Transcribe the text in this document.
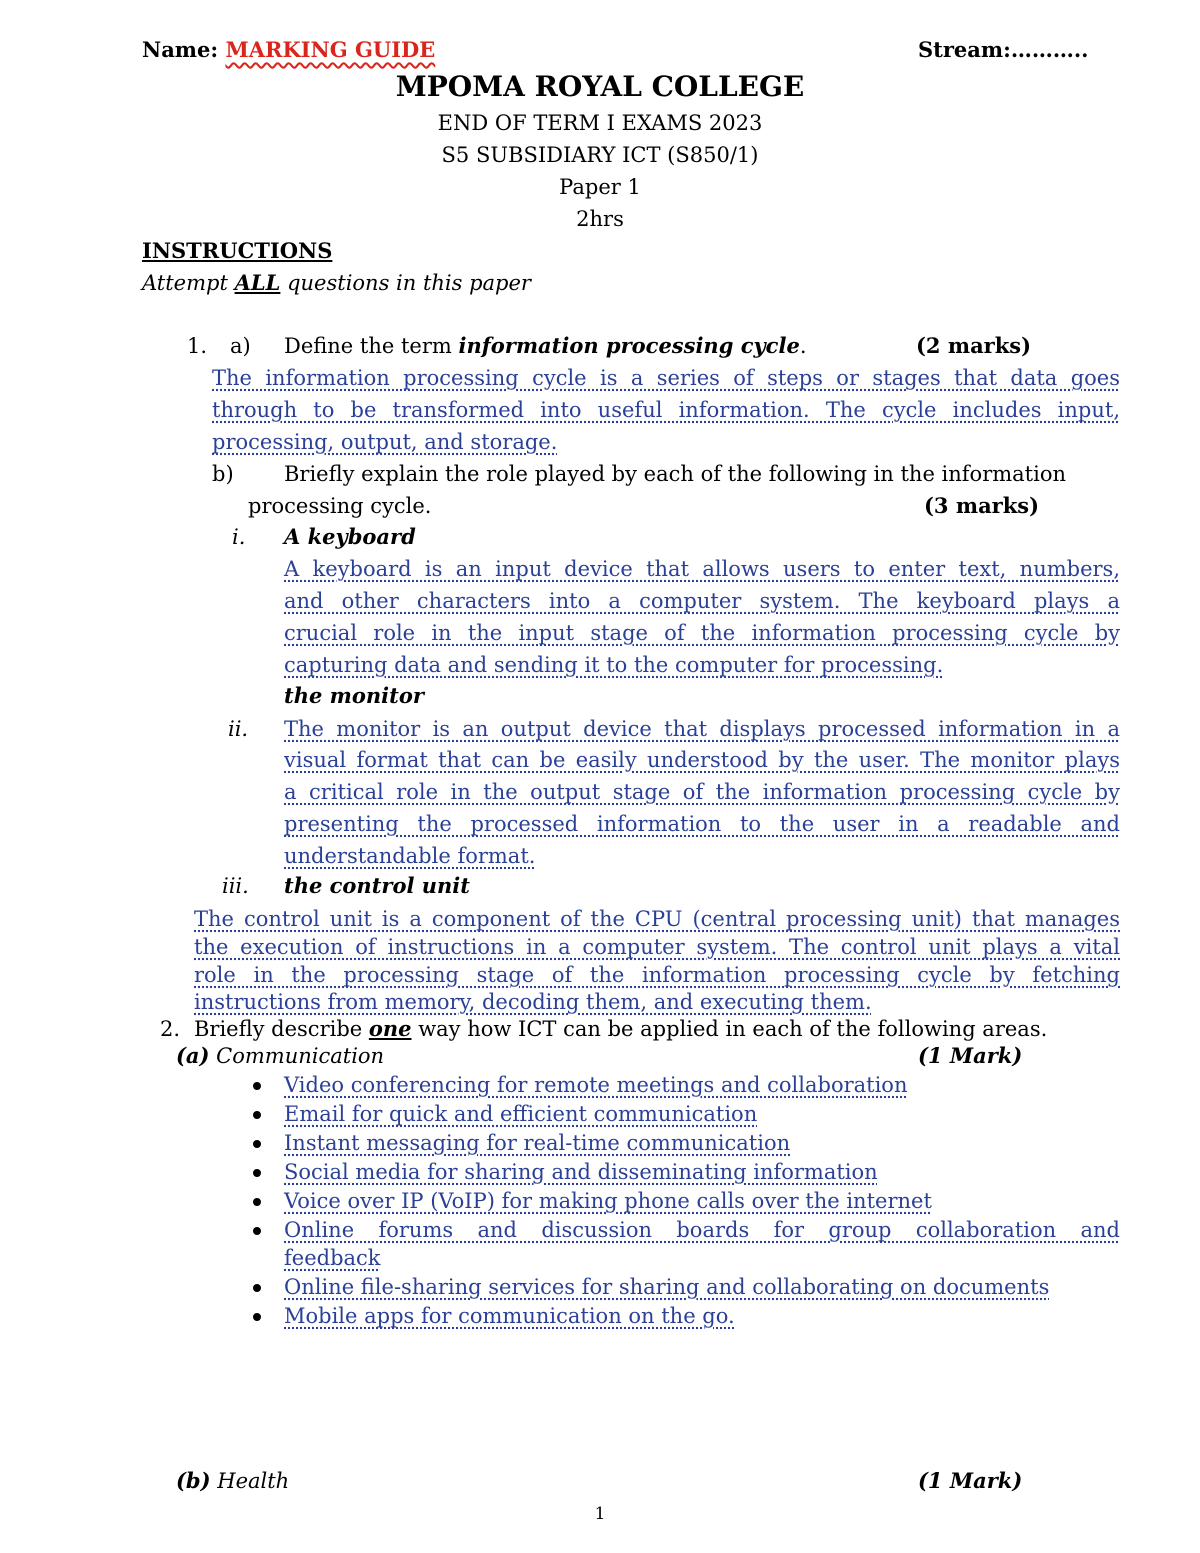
Name: MARKING GUIDE	Stream:………..
MPOMA ROYAL COLLEGE
END OF TERM I EXAMS 2023
S5 SUBSIDIARY ICT (S850/1)
Paper 1
2hrs
INSTRUCTIONS
Attempt ALL questions in this paper
1. a) Define the term information processing cycle.	(2 marks)
The information processing cycle is a series of steps or stages that data goes
through to be transformed into useful information. The cycle includes input,
processing, output, and storage.
b) Briefly explain the role played by each of the following in the information
processing cycle.	(3 marks)
i. A keyboard
A keyboard is an input device that allows users to enter text, numbers,
and other characters into a computer system. The keyboard plays a
crucial role in the input stage of the information processing cycle by
capturing data and sending it to the computer for processing.
the monitor
ii. The monitor is an output device that displays processed information in a
visual format that can be easily understood by the user. The monitor plays
a critical role in the output stage of the information processing cycle by
presenting the processed information to the user in a readable and
understandable format.
iii. the control unit
The control unit is a component of the CPU (central processing unit) that manages
the execution of instructions in a computer system. The control unit plays a vital
role in the processing stage of the information processing cycle by fetching
instructions from memory, decoding them, and executing them.
2. Briefly describe one way how ICT can be applied in each of the following areas.
(a) Communication	(1 Mark)
Video conferencing for remote meetings and collaboration
Email for quick and efficient communication
Instant messaging for real-time communication
Social media for sharing and disseminating information
Voice over IP (VoIP) for making phone calls over the internet
Online forums and discussion boards for group collaboration and
feedback
Online file-sharing services for sharing and collaborating on documents
Mobile apps for communication on the go.
(b) Health	(1 Mark)
1
